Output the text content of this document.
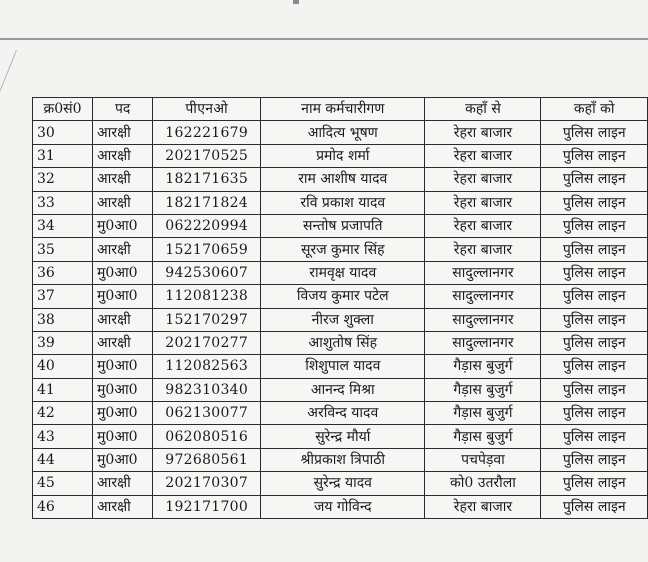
क्र0सं0	पद	पीएनओ	नाम कर्मचारीगण	कहाँ से	कहाँ को
30	आरक्षी	162221679	आदित्य भूषण	रेहरा बाजार	पुलिस लाइन
31	आरक्षी	202170525	प्रमोद शर्मा	रेहरा बाजार	पुलिस लाइन
32	आरक्षी	182171635	राम आशीष यादव	रेहरा बाजार	पुलिस लाइन
33	आरक्षी	182171824	रवि प्रकाश यादव	रेहरा बाजार	पुलिस लाइन
34	मु0आ0	062220994	सन्तोष प्रजापति	रेहरा बाजार	पुलिस लाइन
35	आरक्षी	152170659	सूरज कुमार सिंह	रेहरा बाजार	पुलिस लाइन
36	मु0आ0	942530607	रामवृक्ष यादव	सादुल्लानगर	पुलिस लाइन
37	मु0आ0	112081238	विजय कुमार पटेल	सादुल्लानगर	पुलिस लाइन
38	आरक्षी	152170297	नीरज शुक्ला	सादुल्लानगर	पुलिस लाइन
39	आरक्षी	202170277	आशुतोष सिंह	सादुल्लानगर	पुलिस लाइन
40	मु0आ0	112082563	शिशुपाल यादव	गैड़ास बुजुर्ग	पुलिस लाइन
41	मु0आ0	982310340	आनन्द मिश्रा	गैड़ास बुजुर्ग	पुलिस लाइन
42	मु0आ0	062130077	अरविन्द यादव	गैड़ास बुजुर्ग	पुलिस लाइन
43	मु0आ0	062080516	सुरेन्द्र मौर्या	गैड़ास बुजुर्ग	पुलिस लाइन
44	मु0आ0	972680561	श्रीप्रकाश त्रिपाठी	पचपेड़वा	पुलिस लाइन
45	आरक्षी	202170307	सुरेन्द्र यादव	को0 उतरौला	पुलिस लाइन
46	आरक्षी	192171700	जय गोविन्द	रेहरा बाजार	पुलिस लाइन
